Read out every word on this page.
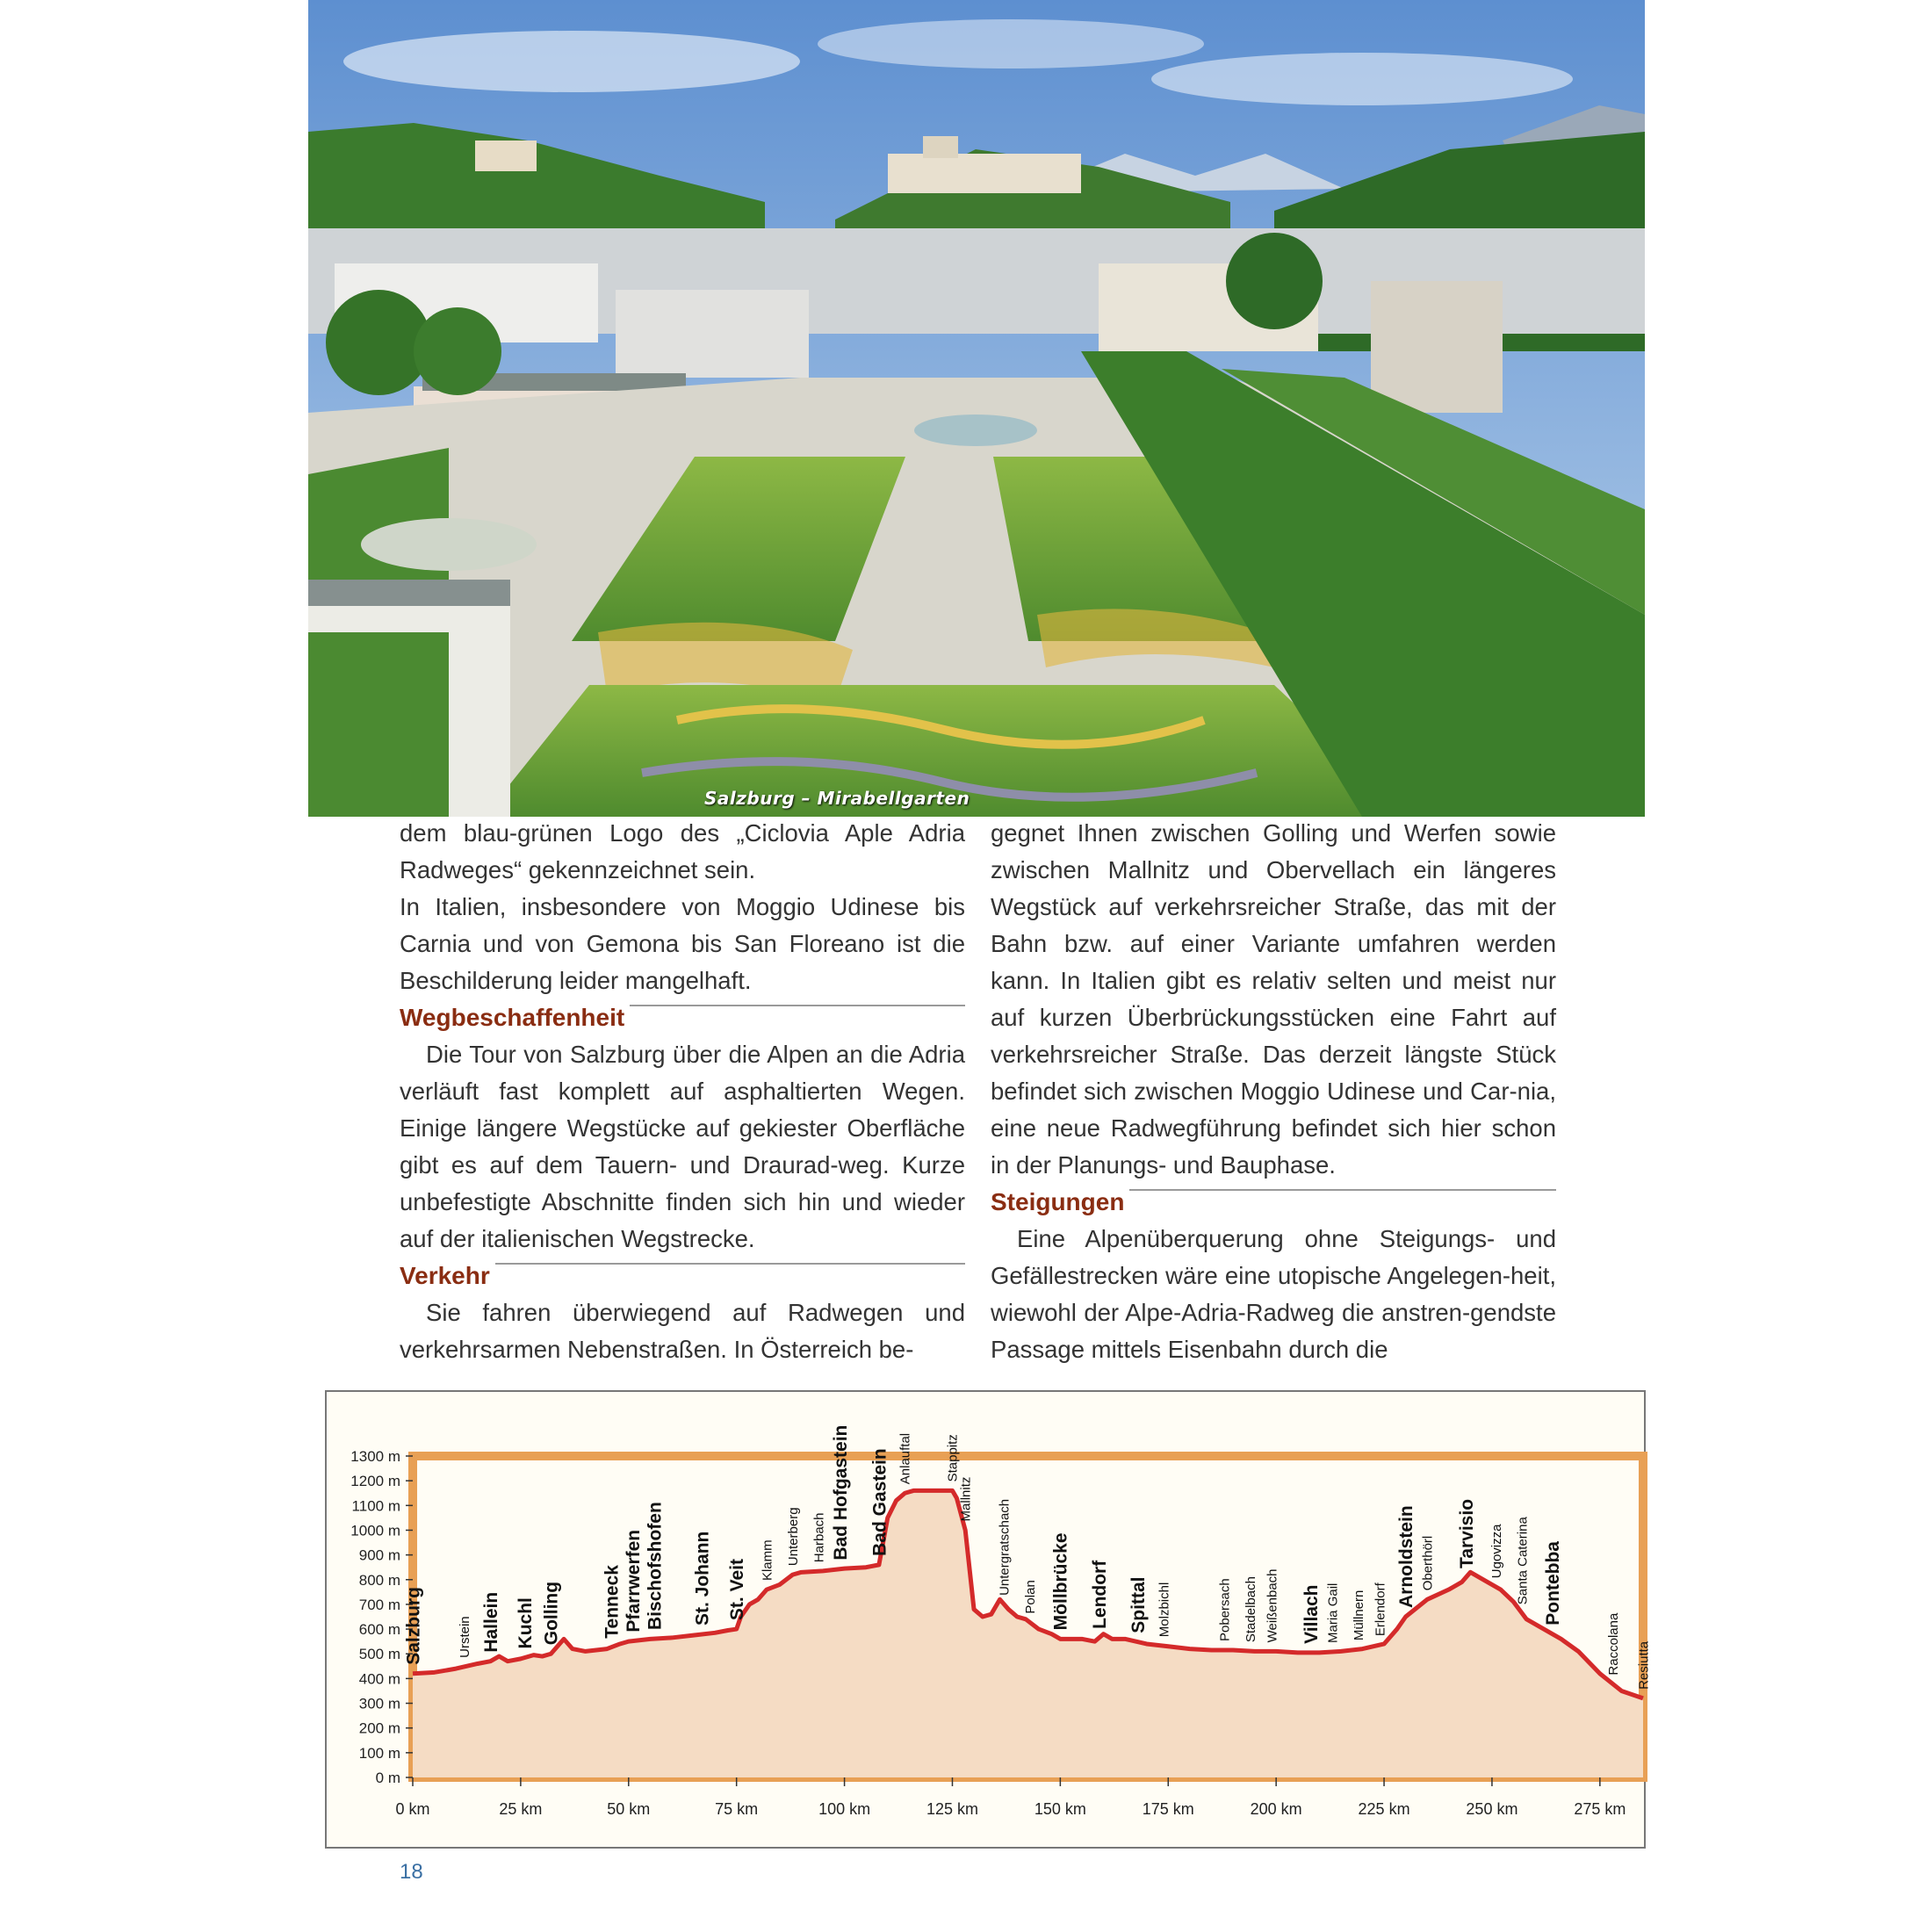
Salzburg – Mirabellgarten

dem blau-grünen Logo des „Ciclovia Aple Adria Radweges“ gekennzeichnet sein.

In Italien, insbesondere von Moggio Udinese bis Carnia und von Gemona bis San Floreano ist die Beschilderung leider mangelhaft.

Wegbeschaffenheit

Die Tour von Salzburg über die Alpen an die Adria verläuft fast komplett auf asphaltierten Wegen. Einige längere Wegstücke auf gekiester Oberfläche gibt es auf dem Tauern- und Draurad-weg. Kurze unbefestigte Abschnitte finden sich hin und wieder auf der italienischen Wegstrecke.

Verkehr

Sie fahren überwiegend auf Radwegen und verkehrsarmen Nebenstraßen. In Österreich be-

gegnet Ihnen zwischen Golling und Werfen sowie zwischen Mallnitz und Obervellach ein längeres Wegstück auf verkehrsreicher Straße, das mit der Bahn bzw. auf einer Variante umfahren werden kann. In Italien gibt es relativ selten und meist nur auf kurzen Überbrückungsstücken eine Fahrt auf verkehrsreicher Straße. Das derzeit längste Stück befindet sich zwischen Moggio Udinese und Car-nia, eine neue Radwegführung befindet sich hier schon in der Planungs- und Bauphase.

Steigungen

Eine Alpenüberquerung ohne Steigungs- und Gefällestrecken wäre eine utopische Angelegen-heit, wiewohl der Alpe-Adria-Radweg die anstren-gendste Passage mittels Eisenbahn durch die

0 m
100 m
200 m
300 m
400 m
500 m
600 m
700 m
800 m
900 m
1000 m
1100 m
1200 m
1300 m
0 km	25 km	50 km	75 km	100 km	125 km	150 km	175 km	200 km	225 km	250 km	275 km
Salzburg	Urstein Hallein Kuchl Golling Tenneck Pfarrwerfen Bischofshofen St. Johann St. Veit Klamm Unterberg Harbach Bad Hofgastein Bad Gastein Anlauftal Stappitz
Mallnitz Untergratschach
Polan Möllbrücke Lendorf Spittal Molzbichl	Pobersach Stadelbach Weißenbach Villach Maria Gail Müllnern Erlendorf
Arnoldstein Oberthörl Tarvisio Ugovizza Santa Caterina Pontebba
Raccolana Resiutta
18
